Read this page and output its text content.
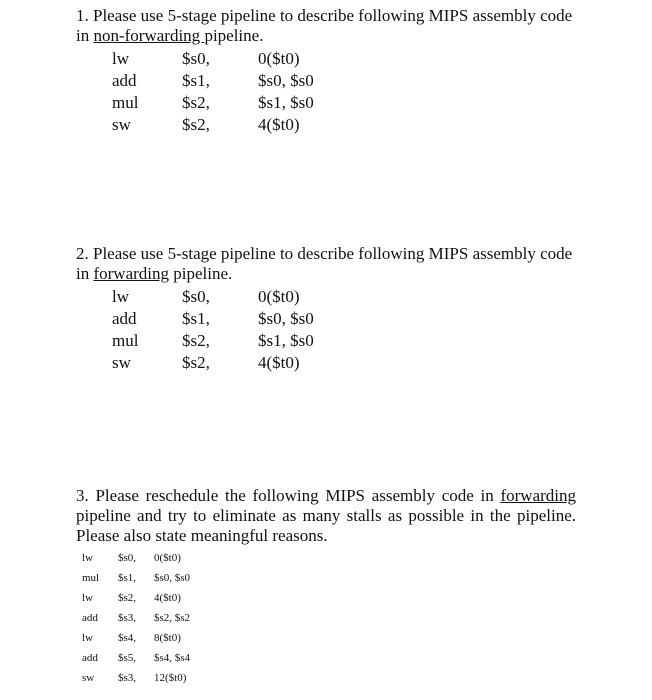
1. Please use 5-stage pipeline to describe following MIPS assembly code in non-forwarding pipeline.

lw	$s0,	0($t0)
add	$s1,	$s0, $s0
mul	$s2,	$s1, $s0
sw	$s2,	4($t0)

2. Please use 5-stage pipeline to describe following MIPS assembly code in forwarding pipeline.

lw	$s0,	0($t0)
add	$s1,	$s0, $s0
mul	$s2,	$s1, $s0
sw	$s2,	4($t0)

3. Please reschedule the following MIPS assembly code in forwarding pipeline and try to eliminate as many stalls as possible in the pipeline. Please also state meaningful reasons.

lw	$s0,	0($t0)
mul	$s1,	$s0, $s0
lw	$s2,	4($t0)
add	$s3,	$s2, $s2
lw	$s4,	8($t0)
add	$s5,	$s4, $s4
sw	$s3,	12($t0)
